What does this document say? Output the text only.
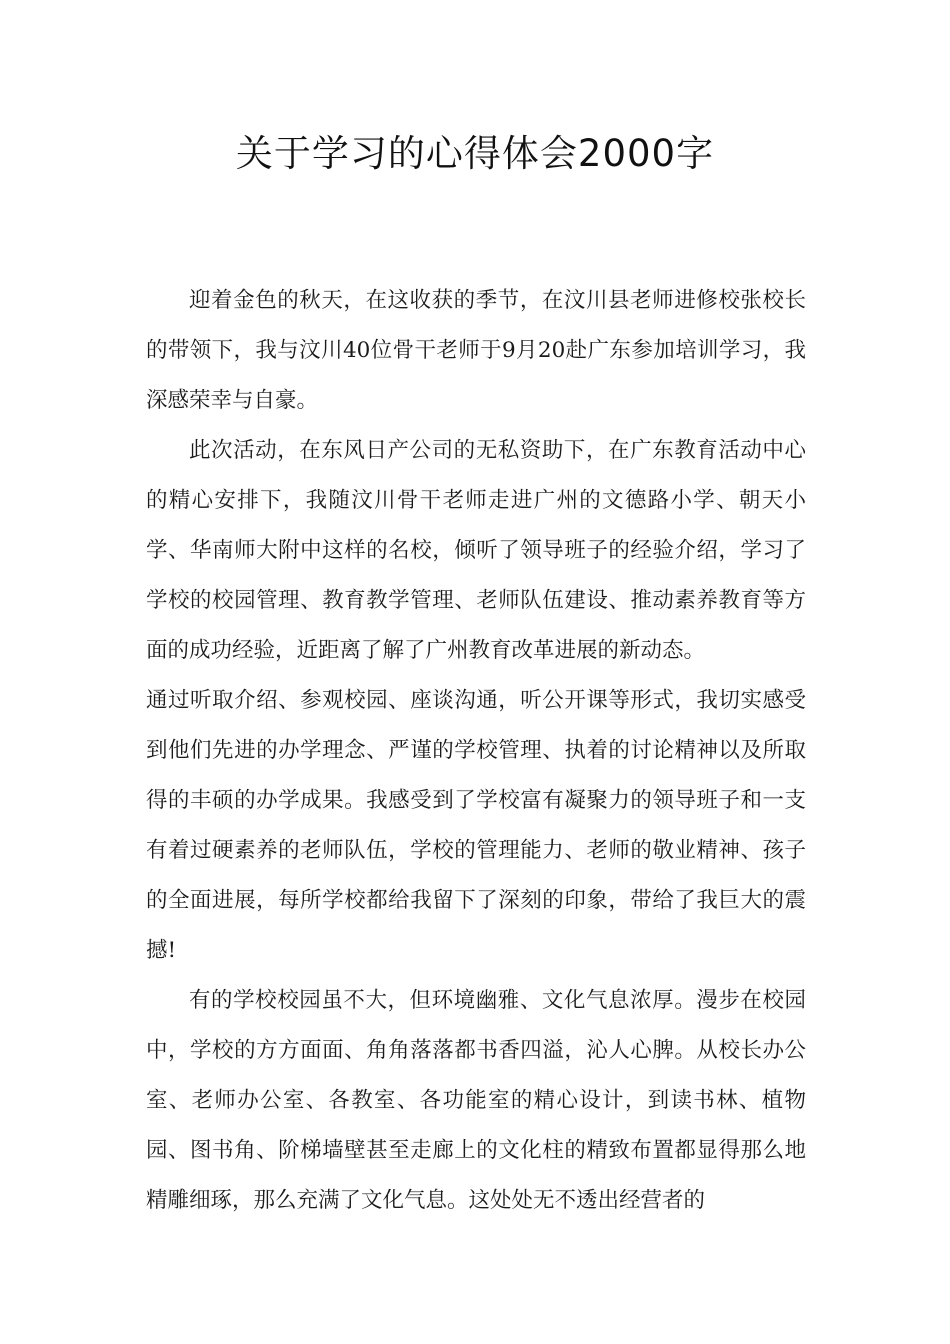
关于学习的心得体会2000字

迎着金色的秋天，在这收获的季节，在汶川县老师进修校张校长的带领下，我与汶川40位骨干老师于9月20赴广东参加培训学习，我深感荣幸与自豪。

此次活动，在东风日产公司的无私资助下，在广东教育活动中心的精心安排下，我随汶川骨干老师走进广州的文德路小学、朝天小学、华南师大附中这样的名校，倾听了领导班子的经验介绍，学习了学校的校园管理、教育教学管理、老师队伍建设、推动素养教育等方面的成功经验，近距离了解了广州教育改革进展的新动态。

通过听取介绍、参观校园、座谈沟通，听公开课等形式，我切实感受到他们先进的办学理念、严谨的学校管理、执着的讨论精神以及所取得的丰硕的办学成果。我感受到了学校富有凝聚力的领导班子和一支有着过硬素养的老师队伍，学校的管理能力、老师的敬业精神、孩子的全面进展，每所学校都给我留下了深刻的印象，带给了我巨大的震撼!

有的学校校园虽不大，但环境幽雅、文化气息浓厚。漫步在校园中，学校的方方面面、角角落落都书香四溢，沁人心脾。从校长办公室、老师办公室、各教室、各功能室的精心设计，到读书林、植物园、图书角、阶梯墙壁甚至走廊上的文化柱的精致布置都显得那么地精雕细琢，那么充满了文化气息。这处处无不透出经营者的
